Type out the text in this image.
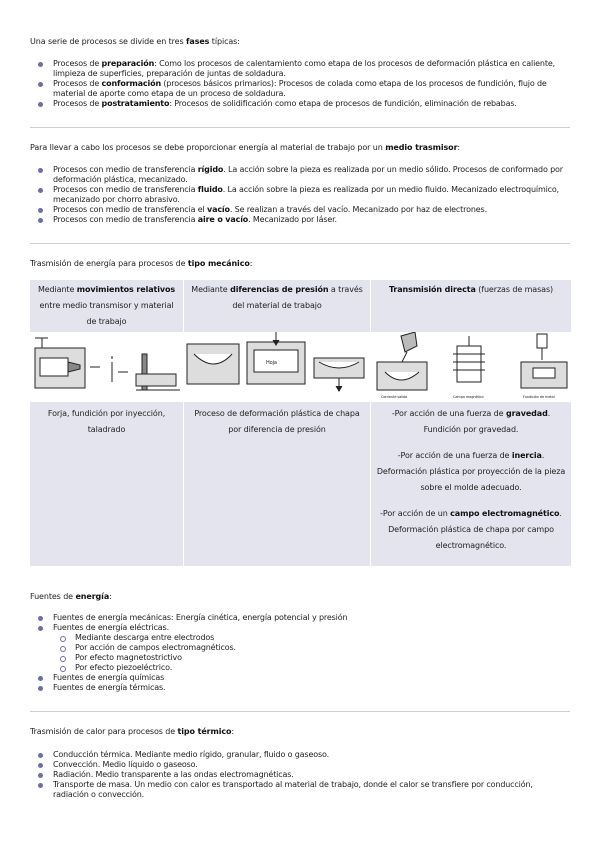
Una serie de procesos se divide en tres fases típicas:
Procesos de preparación: Como los procesos de calentamiento como etapa de los procesos de deformación plástica en caliente, limpieza de superficies, preparación de juntas de soldadura.
Procesos de conformación (procesos básicos primarios): Procesos de colada como etapa de los procesos de fundición, flujo de material de aporte como etapa de un proceso de soldadura.
Procesos de postratamiento: Procesos de solidificación como etapa de procesos de fundición, eliminación de rebabas.
Para llevar a cabo los procesos se debe proporcionar energía al material de trabajo por un medio trasmisor:
Procesos con medio de transferencia rígido. La acción sobre la pieza es realizada por un medio sólido. Procesos de conformado por deformación plástica, mecanizado.
Procesos con medio de transferencia fluido. La acción sobre la pieza es realizada por un medio fluido. Mecanizado electroquímico, mecanizado por chorro abrasivo.
Procesos con medio de transferencia el vacío. Se realizan a través del vacío. Mecanizado por haz de electrones.
Procesos con medio de transferencia aire o vacío. Mecanizado por láser.
Trasmisión de energía para procesos de tipo mecánico:
Mediante movimientos relativos entre medio transmisor y material de trabajo	Mediante diferencias de presión a través del material de trabajo	Transmisión directa (fuerzas de masas)

Hoja	Corriente salida Campo magnético Fundición de metal

Forja, fundición por inyección, taladrado	Proceso de deformación plástica de chapa por diferencia de presión	-Por acción de una fuerza de gravedad. Fundición por gravedad.
-Por acción de una fuerza de inercia. Deformación plástica por proyección de la pieza sobre el molde adecuado.
-Por acción de un campo electromagnético. Deformación plástica de chapa por campo electromagnético.
Fuentes de energía:
Fuentes de energía mecánicas: Energía cinética, energía potencial y presión
Fuentes de energía eléctricas.
Mediante descarga entre electrodos
Por acción de campos electromagnéticos.
Por efecto magnetostrictivo
Por efecto piezoeléctrico.
Fuentes de energía químicas
Fuentes de energía térmicas.
Trasmisión de calor para procesos de tipo térmico:
Conducción térmica. Mediante medio rígido, granular, fluido o gaseoso.
Convección. Medio líquido o gaseoso.
Radiación. Medio transparente a las ondas electromagnéticas.
Transporte de masa. Un medio con calor es transportado al material de trabajo, donde el calor se transfiere por conducción, radiación o convección.
